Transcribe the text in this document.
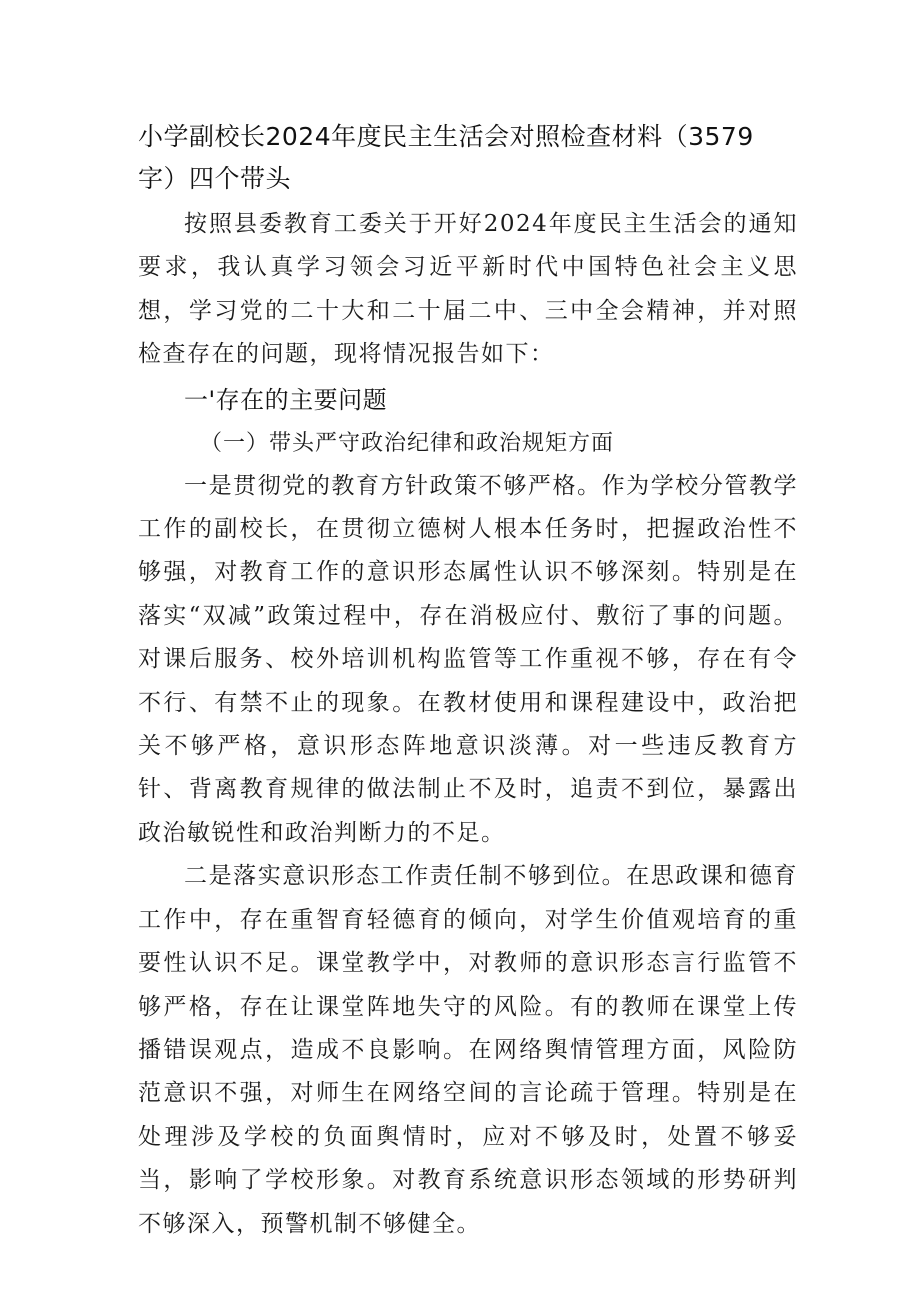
小学副校长2024年度民主生活会对照检查材料（3579字）四个带头

按照县委教育工委关于开好2024年度民主生活会的通知要求，我认真学习领会习近平新时代中国特色社会主义思想，学习党的二十大和二十届二中、三中全会精神，并对照检查存在的问题，现将情况报告如下：

一'存在的主要问题
（一）带头严守政治纪律和政治规矩方面

一是贯彻党的教育方针政策不够严格。作为学校分管教学工作的副校长，在贯彻立德树人根本任务时，把握政治性不够强，对教育工作的意识形态属性认识不够深刻。特别是在落实“双减”政策过程中，存在消极应付、敷衍了事的问题。对课后服务、校外培训机构监管等工作重视不够，存在有令不行、有禁不止的现象。在教材使用和课程建设中，政治把关不够严格，意识形态阵地意识淡薄。对一些违反教育方针、背离教育规律的做法制止不及时，追责不到位，暴露出政治敏锐性和政治判断力的不足。

二是落实意识形态工作责任制不够到位。在思政课和德育工作中，存在重智育轻德育的倾向，对学生价值观培育的重要性认识不足。课堂教学中，对教师的意识形态言行监管不够严格，存在让课堂阵地失守的风险。有的教师在课堂上传播错误观点，造成不良影响。在网络舆情管理方面，风险防范意识不强，对师生在网络空间的言论疏于管理。特别是在处理涉及学校的负面舆情时，应对不够及时，处置不够妥当，影响了学校形象。对教育系统意识形态领域的形势研判不够深入，预警机制不够健全。
